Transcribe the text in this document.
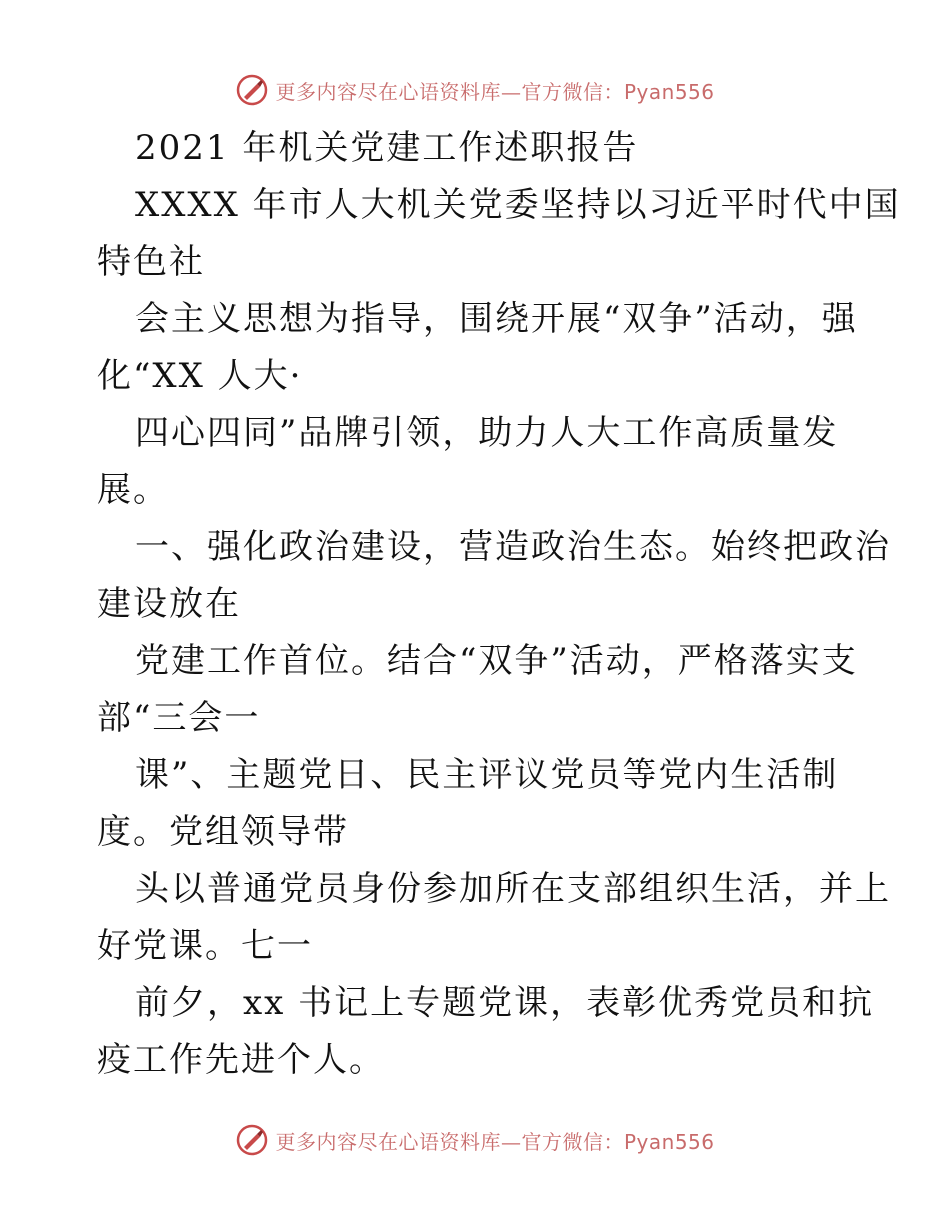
更多内容尽在心语资料库—官方微信：Pyan556
2021 年机关党建工作述职报告
XXXX 年市人大机关党委坚持以习近平时代中国
特色社
会主义思想为指导，围绕开展“双争”活动，强
化“XX 人大·
四心四同”品牌引领，助力人大工作高质量发
展。
一、强化政治建设，营造政治生态。始终把政治
建设放在
党建工作首位。结合“双争”活动，严格落实支
部“三会一
课”、主题党日、民主评议党员等党内生活制
度。党组领导带
头以普通党员身份参加所在支部组织生活，并上
好党课。七一
前夕，xx 书记上专题党课，表彰优秀党员和抗
疫工作先进个人。
更多内容尽在心语资料库—官方微信：Pyan556
